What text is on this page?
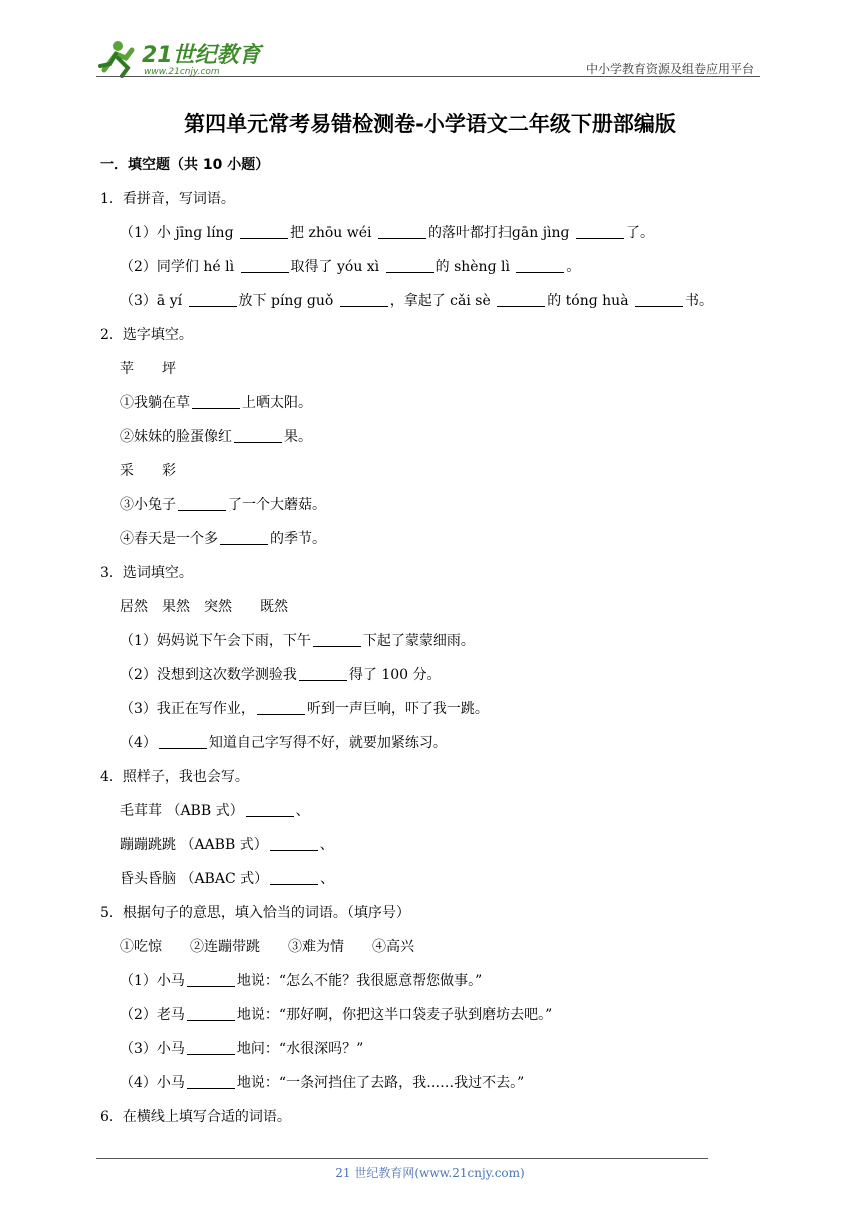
21世纪教育
www.21cnjy.com	中小学教育资源及组卷应用平台
第四单元常考易错检测卷-小学语文二年级下册部编版
一．填空题（共 10 小题）
1．看拼音，写词语。
（1）小 jīnɡ línɡ	把 zhōu wéi	的落叶都打扫ɡān jìnɡ	了。
（2）同学们 hé lì	取得了 yóu xì	的 shènɡ lì	。
（3）ā yí	放下 pínɡ ɡuǒ	，拿起了 cǎi sè	的 tónɡ huà	书。
2．选字填空。
苹 坪
①我躺在草	上晒太阳。
②妹妹的脸蛋像红	果。
采 彩
③小兔子	了一个大蘑菇。
④春天是一个多	的季节。
3．选词填空。
居然 果然 突然 既然
（1）妈妈说下午会下雨，下午	下起了蒙蒙细雨。
（2）没想到这次数学测验我	得了 100 分。
（3）我正在写作业，	听到一声巨响，吓了我一跳。
（4）	知道自己字写得不好，就要加紧练习。
4．照样子，我也会写。
毛茸茸 （ABB 式）	、
蹦蹦跳跳 （AABB 式）	、
昏头昏脑 （ABAC 式）	、
5．根据句子的意思，填入恰当的词语。（填序号）
①吃惊 ②连蹦带跳 ③难为情 ④高兴
（1）小马	地说：“怎么不能？我很愿意帮您做事。”
（2）老马	地说：“那好啊，你把这半口袋麦子驮到磨坊去吧。”
（3）小马	地问：“水很深吗？”
（4）小马	地说：“一条河挡住了去路，我……我过不去。”
6．在横线上填写合适的词语。
21 世纪教育网(www.21cnjy.com)
